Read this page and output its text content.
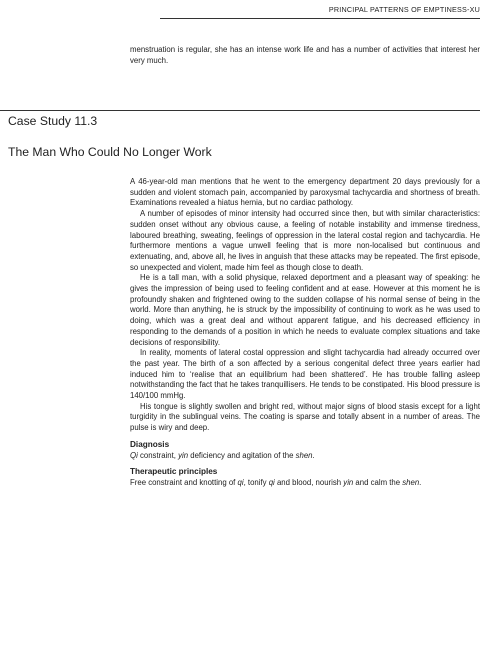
PRINCIPAL PATTERNS OF EMPTINESS-XU

menstruation is regular, she has an intense work life and has a number of activities that interest her very much.

Case Study 11.3
The Man Who Could No Longer Work

A 46-year-old man mentions that he went to the emergency department 20 days previously for a sudden and violent stomach pain, accompanied by paroxysmal tachycardia and shortness of breath. Examinations revealed a hiatus hernia, but no cardiac pathology.

A number of episodes of minor intensity had occurred since then, but with similar characteristics: sudden onset without any obvious cause, a feeling of notable instability and immense tiredness, laboured breathing, sweating, feelings of oppression in the lateral costal region and tachycardia. He furthermore mentions a vague unwell feeling that is more non-localised but continuous and extenuating, and, above all, he lives in anguish that these attacks may be repeated. The first episode, so unexpected and violent, made him feel as though close to death.

He is a tall man, with a solid physique, relaxed deportment and a pleasant way of speaking: he gives the impression of being used to feeling confident and at ease. However at this moment he is profoundly shaken and frightened owing to the sudden collapse of his normal sense of being in the world. More than anything, he is struck by the impossibility of continuing to work as he was used to doing, which was a great deal and without apparent fatigue, and his decreased efficiency in responding to the demands of a position in which he needs to evaluate complex situations and take decisions of responsibility.

In reality, moments of lateral costal oppression and slight tachycardia had already occurred over the past year. The birth of a son affected by a serious congenital defect three years earlier had induced him to ‘realise that an equilibrium had been shattered’. He has trouble falling asleep notwithstanding the fact that he takes tranquillisers. He tends to be constipated. His blood pressure is 140/100 mmHg.

His tongue is slightly swollen and bright red, without major signs of blood stasis except for a light turgidity in the sublingual veins. The coating is sparse and totally absent in a number of areas. The pulse is wiry and deep.

Diagnosis

Qi constraint, yin deficiency and agitation of the shen.

Therapeutic principles

Free constraint and knotting of qi, tonify qi and blood, nourish yin and calm the shen.
